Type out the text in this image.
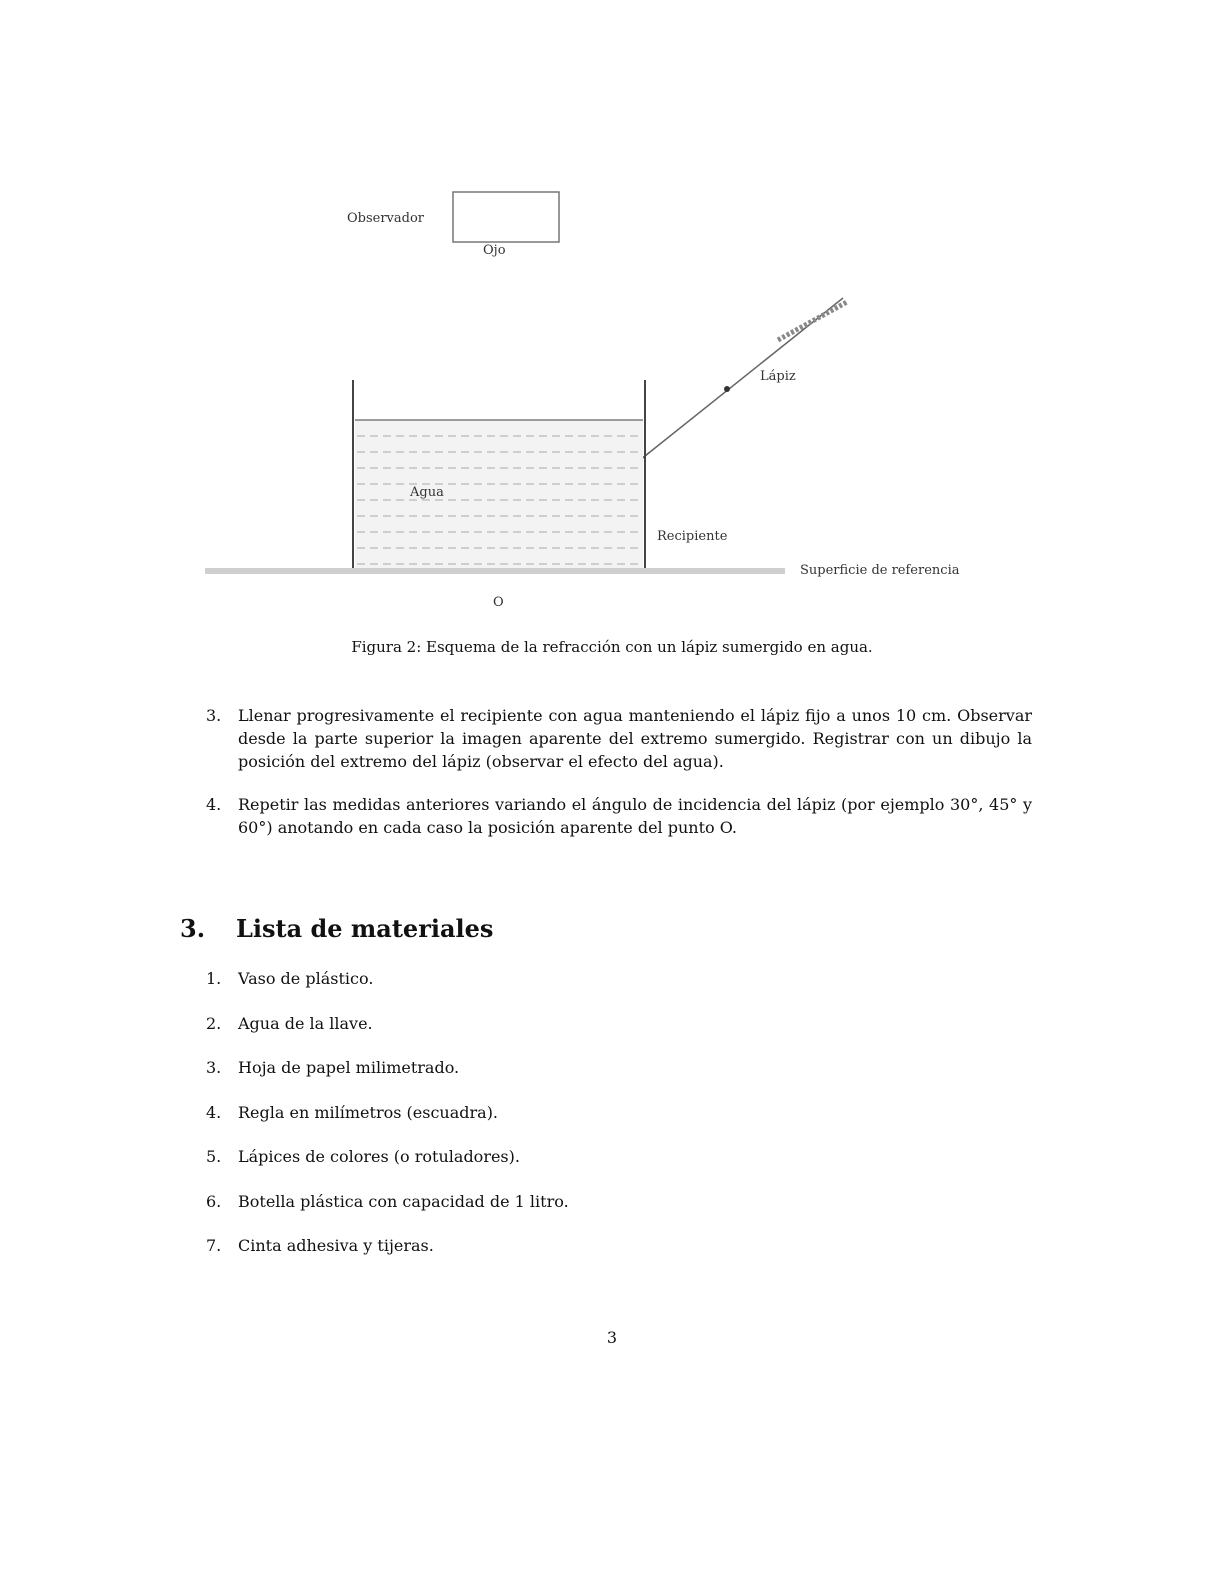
Observador
Ojo
Lápiz
Recipiente
Agua
Superficie de referencia
O
Figura 2: Esquema de la refracción con un lápiz sumergido en agua.
3.	Llenar progresivamente el recipiente con agua manteniendo el lápiz fijo a unos 10 cm. Observar desde la parte superior la imagen aparente del extremo sumergido. Registrar con un dibujo la posición del extremo del lápiz (observar el efecto del agua).
4.	Repetir las medidas anteriores variando el ángulo de incidencia del lápiz (por ejemplo 30°, 45° y 60°) anotando en cada caso la posición aparente del punto O.
3.	Lista de materiales
1.	Vaso de plástico.
2.	Agua de la llave.
3.	Hoja de papel milimetrado.
4.	Regla en milímetros (escuadra).
5.	Lápices de colores (o rotuladores).
6.	Botella plástica con capacidad de 1 litro.
7.	Cinta adhesiva y tijeras.
3
